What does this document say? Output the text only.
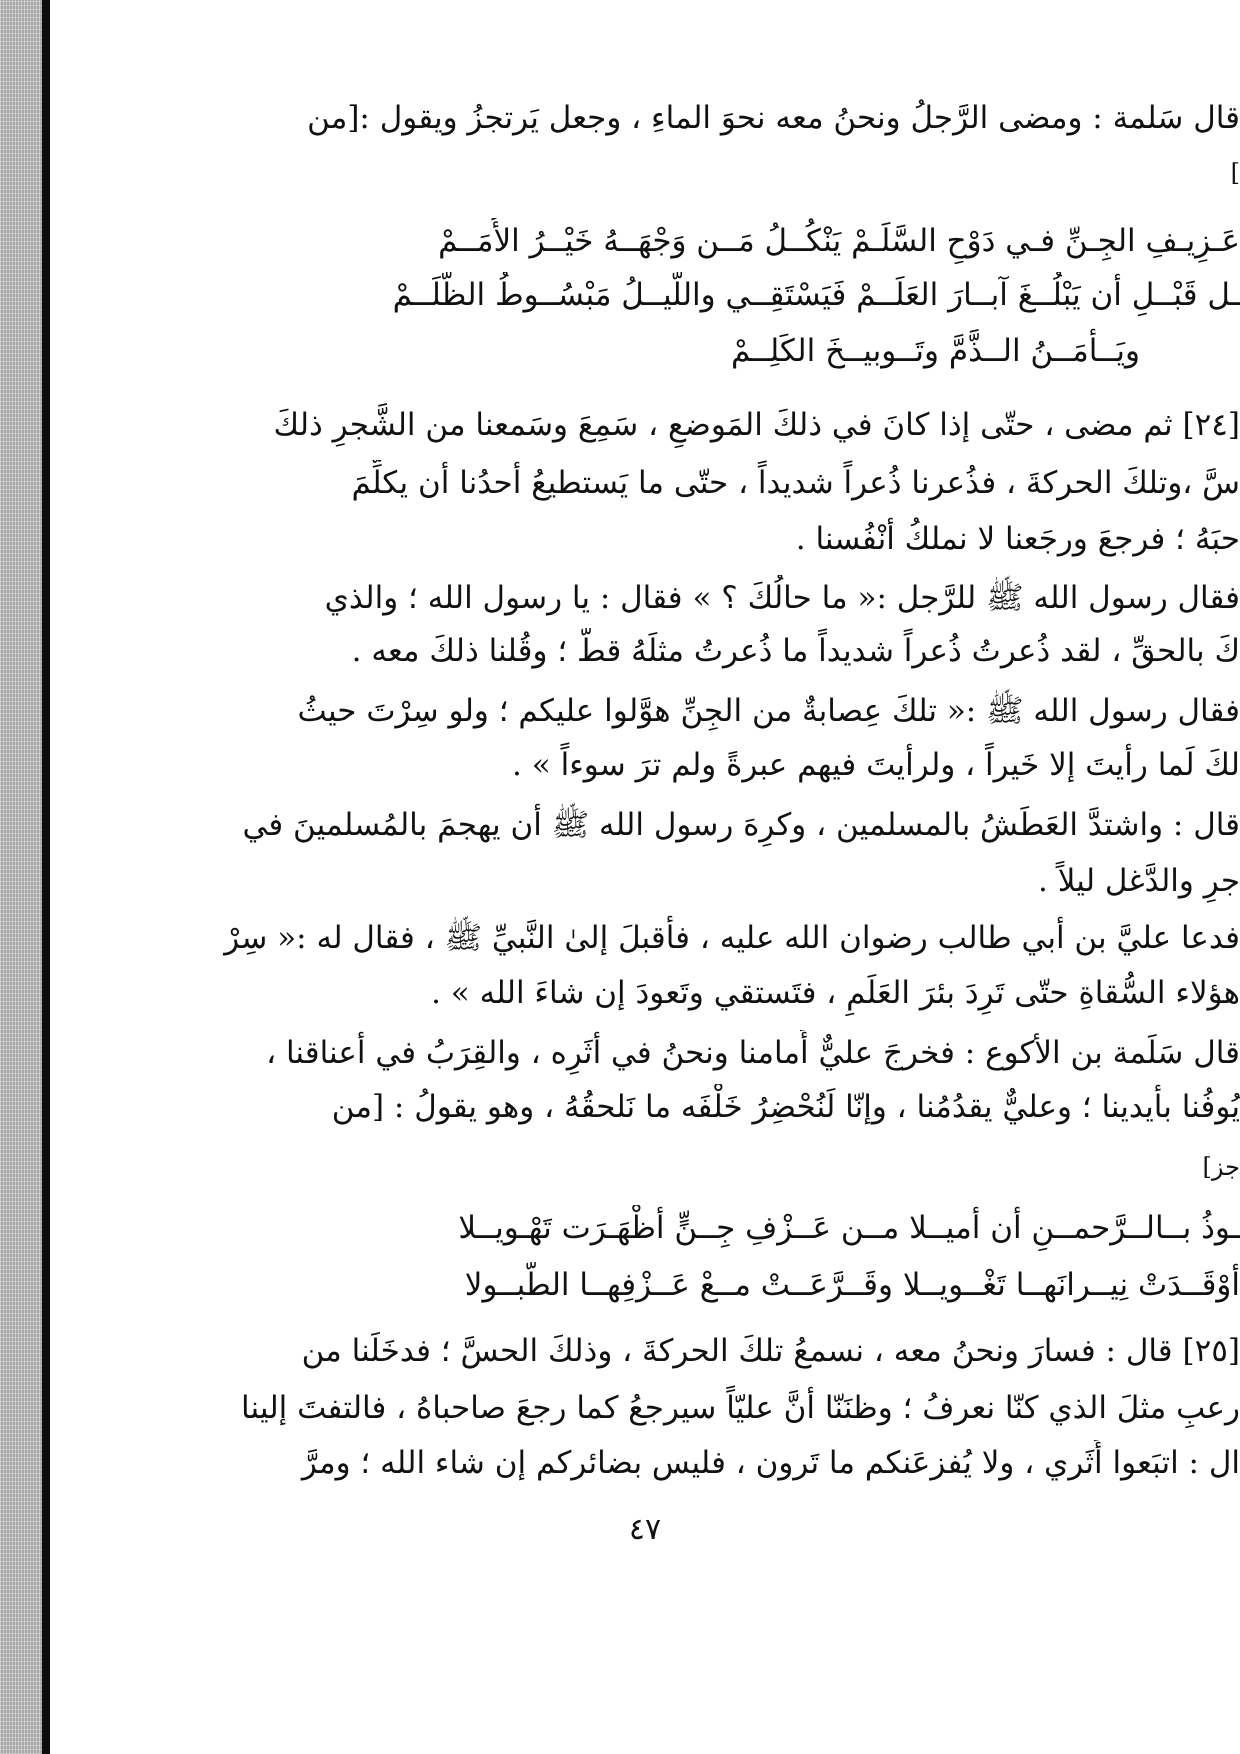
قال سَلمة : ومضى الرَّجلُ ونحنُ معه نحوَ الماءِ ، وجعل يَرتجزُ ويقول :[من
]
عَـزِيـفِ الجِـنِّ فـي دَوْحِ السَّلَـمْ يَنْكُــلُ مَــن وَجْهَــهُ خَيْــرُ الأُمَــمْ
ـل قَبْــلِ أن يَبْلُــغَ آبــارَ العَلَــمْ فَيَسْتَقِــي واللَّيــلُ مَبْسُــوطُ الظُّلَــمْ
ويَــأْمَــنُ الــذَّمَّ وتَــوبيــخَ الكَلِــمْ
[٢٤] ثم مضى ، حتّى إذا كانَ في ذلكَ المَوضعِ ، سَمِعَ وسَمعنا من الشَّجرِ ذلكَ
سَّ ،وتلكَ الحركةَ ، فذُعرنا ذُعراً شديداً ، حتّى ما يَستطيعُ أحدُنا أن يكلِّمَ
حبَهُ ؛ فرجعَ ورجَعنا لا نملكُ أنْفُسنا .
فقال رسول الله ﷺ للرَّجل :« ما حالُكَ ؟ » فقال : يا رسول الله ؛ والذي
كَ بالحقِّ ، لقد ذُعرتُ ذُعراً شديداً ما ذُعرتُ مثلَهُ قطُّ ؛ وقُلنا ذلكَ معه .
فقال رسول الله ﷺ :« تلكَ عِصابةٌ من الجِنِّ هوَّلوا عليكم ؛ ولو سِرْتَ حيثُ
لكَ لَما رأيتَ إلا خَيراً ، ولرأيتَ فيهم عبرةً ولم ترَ سوءاً » .
قال : واشتدَّ العَطَشُ بالمسلمين ، وكرِهَ رسول الله ﷺ أن يهجمَ بالمُسلمينَ في
جرِ والدَّغل ليلاً .
فدعا عليَّ بن أبي طالب رضوان الله عليه ، فأقبلَ إلىٰ النَّبيِّ ﷺ ، فقال له :« سِرْ
هؤلاء السُّقاةِ حتّى تَرِدَ بئرَ العَلَمِ ، فتَستقي وتَعودَ إن شاءَ الله » .
قال سَلَمة بن الأكوع : فخرجَ عليٌّ أَمامنا ونحنُ في أثَرِه ، والقِرَبُ في أعناقنا ،
يُوفُنا بأيدينا ؛ وعليٌّ يقدُمُنا ، وإنّا لَنُحْضِرُ خَلْفَه ما نَلحقُهُ ، وهو يقولُ : [من
جز]
ـوذُ بــالــرَّحمــنِ أن أميــلا مــن عَــزْفِ جِــنٍّ أظْهَـرَت تَهْـويــلا
أوْقَــدَتْ نِيــرانَهــا تَغْــويــلا وقَــرَّعَــتْ مــعْ عَــزْفِهــا الطُّبــولا
[٢٥] قال : فسارَ ونحنُ معه ، نسمعُ تلكَ الحركةَ ، وذلكَ الحسَّ ؛ فدخَلَنا من
رعبِ مثلَ الذي كنّا نعرفُ ؛ وظنَنّا أنَّ عليّاً سيرجعُ كما رجعَ صاحباهُ ، فالتفتَ إلينا
ال : اتبَعوا أَثَري ، ولا يُفزعَنكم ما تَرون ، فليس بضائركم إن شاء الله ؛ ومرَّ
٤٧
